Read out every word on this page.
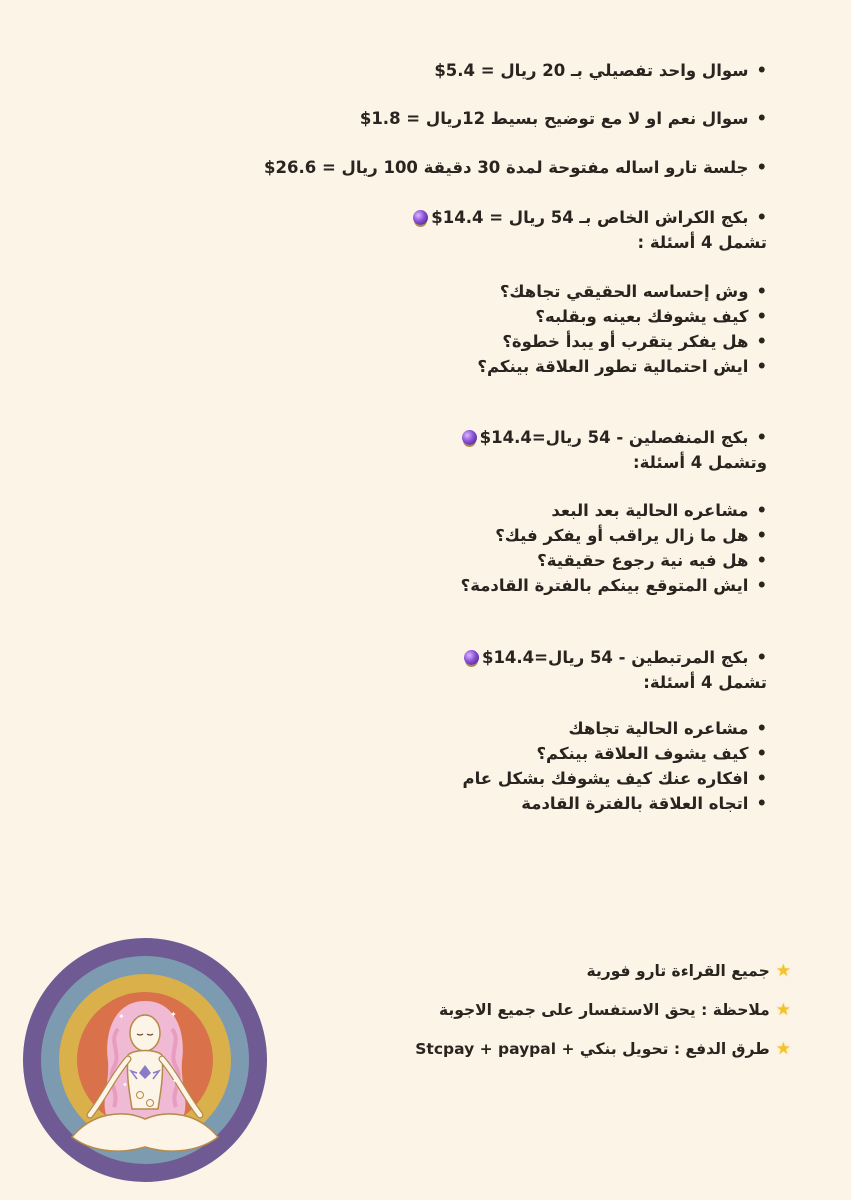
•سوال واحد تفصيلي بـ 20 ريال = 5.4$
•سوال نعم او لا مع توضيح بسيط 12ريال = 1.8$
•جلسة تارو اساله مفتوحة لمدة 30 دقيقة 100 ريال = 26.6$
•بكج الكراش الخاص بـ 54 ريال = 14.4$
تشمل 4 أسئلة :
•وش إحساسه الحقيقي تجاهك؟
•كيف يشوفك بعينه وبقلبه؟
•هل يفكر يتقرب أو يبدأ خطوة؟
•ايش احتمالية تطور العلاقة بينكم؟
•بكج المنفصلين - 54 ريال=14.4$
وتشمل 4 أسئلة:
•مشاعره الحالية بعد البعد
•هل ما زال يراقب أو يفكر فيك؟
•هل فيه نية رجوع حقيقية؟
•ايش المتوقع بينكم بالفترة القادمة؟
•بكج المرتبطين - 54 ريال=14.4$
تشمل 4 أسئلة:
•مشاعره الحالية تجاهك
•كيف يشوف العلاقة بينكم؟
•افكاره عنك كيف يشوفك بشكل عام
•اتجاه العلاقة بالفترة القادمة
★جميع القراءة تارو فورية
★ملاحظة : يحق الاستفسار على جميع الاجوبة
★طرق الدفع : تحويل بنكي + Stcpay + paypal
✦	✦
✦	✦
